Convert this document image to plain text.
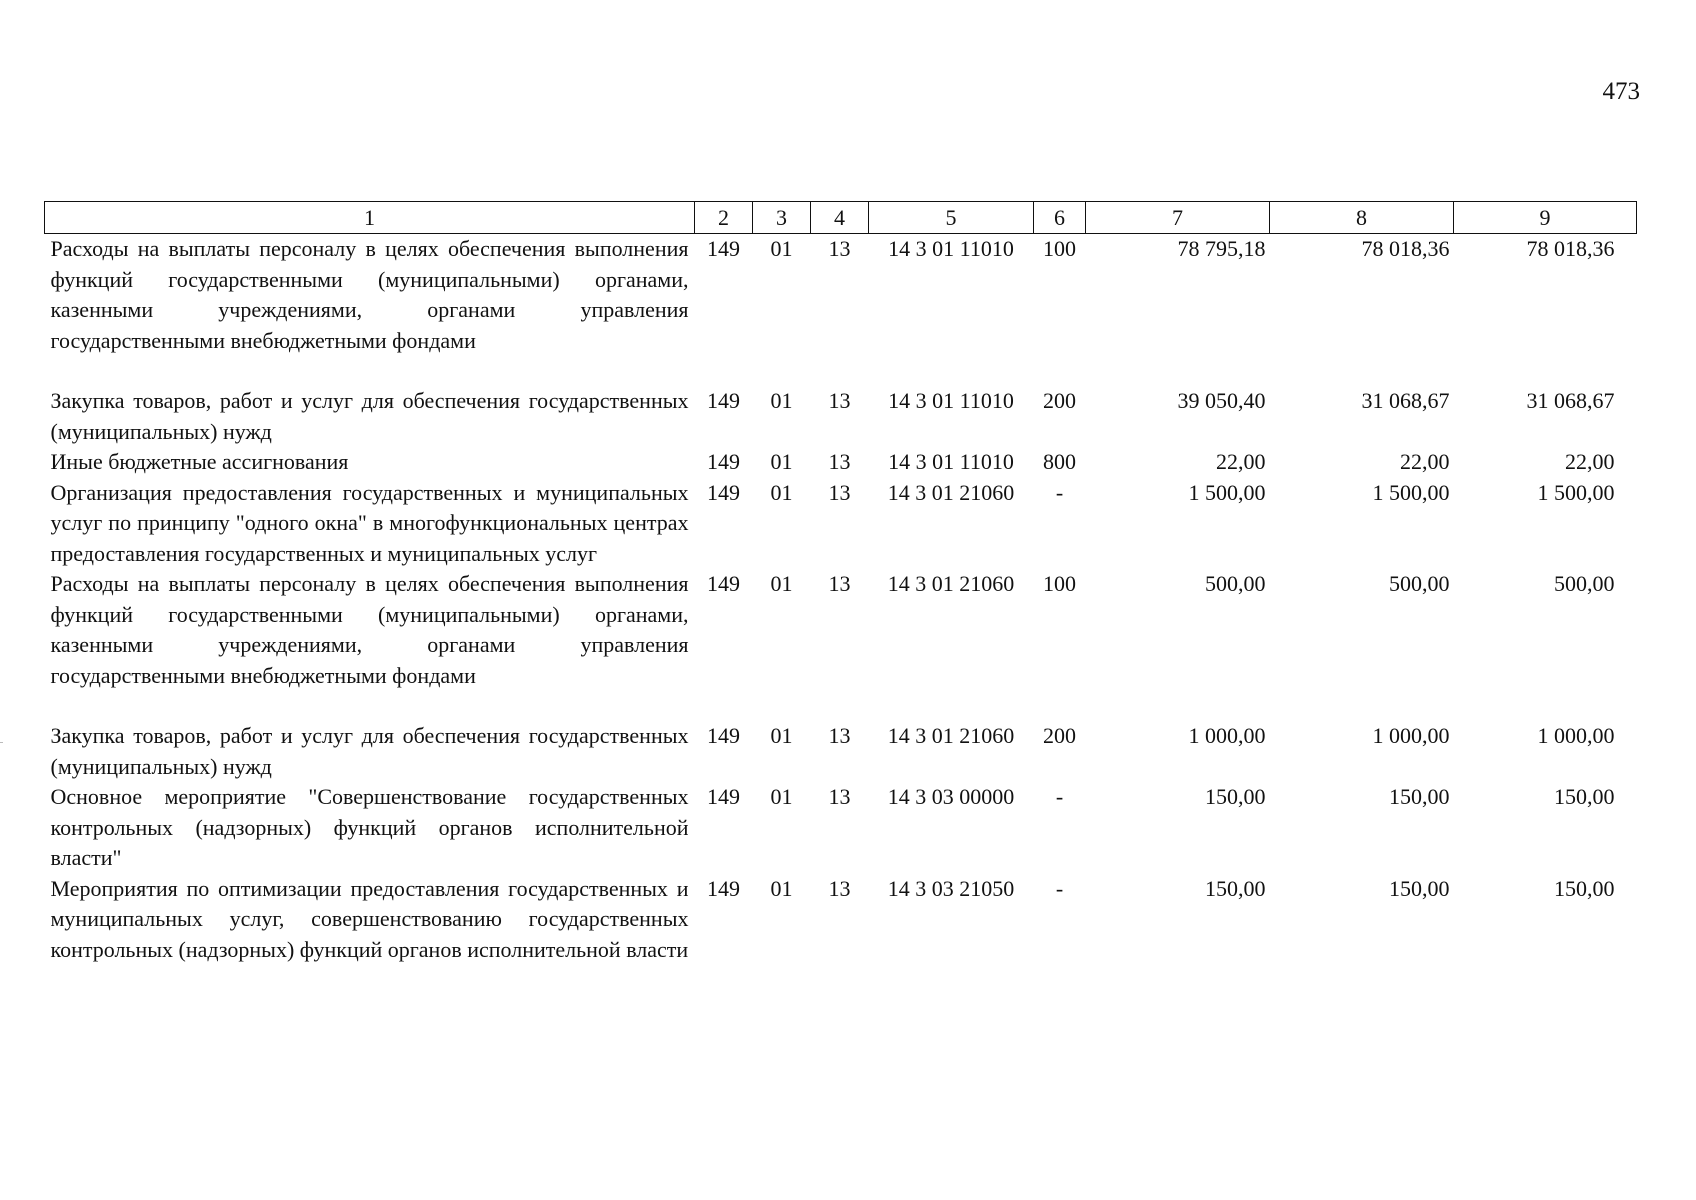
473
1	2	3	4	5	6	7	8	9
Расходы на выплаты персоналу в целях обеспечения выполнения функций государственными (муниципальными) органами, казенными учреждениями, органами управления государственными внебюджетными фондами	149	01	13	14 3 01 11010	100	78 795,18	78 018,36	78 018,36
Закупка товаров, работ и услуг для обеспечения государственных (муниципальных) нужд	149	01	13	14 3 01 11010	200	39 050,40	31 068,67	31 068,67
Иные бюджетные ассигнования	149	01	13	14 3 01 11010	800	22,00	22,00	22,00
Организация предоставления государственных и муниципальных услуг по принципу "одного окна" в многофункциональных центрах предоставления государственных и муниципальных услуг	149	01	13	14 3 01 21060	-	1 500,00	1 500,00	1 500,00
Расходы на выплаты персоналу в целях обеспечения выполнения функций государственными (муниципальными) органами, казенными учреждениями, органами управления государственными внебюджетными фондами	149	01	13	14 3 01 21060	100	500,00	500,00	500,00
Закупка товаров, работ и услуг для обеспечения государственных (муниципальных) нужд	149	01	13	14 3 01 21060	200	1 000,00	1 000,00	1 000,00
Основное мероприятие "Совершенствование государственных контрольных (надзорных) функций органов исполнительной власти"	149	01	13	14 3 03 00000	-	150,00	150,00	150,00
Мероприятия по оптимизации предоставления государственных и муниципальных услуг, совершенствованию государственных контрольных (надзорных) функций органов исполнительной власти	149	01	13	14 3 03 21050	-	150,00	150,00	150,00
